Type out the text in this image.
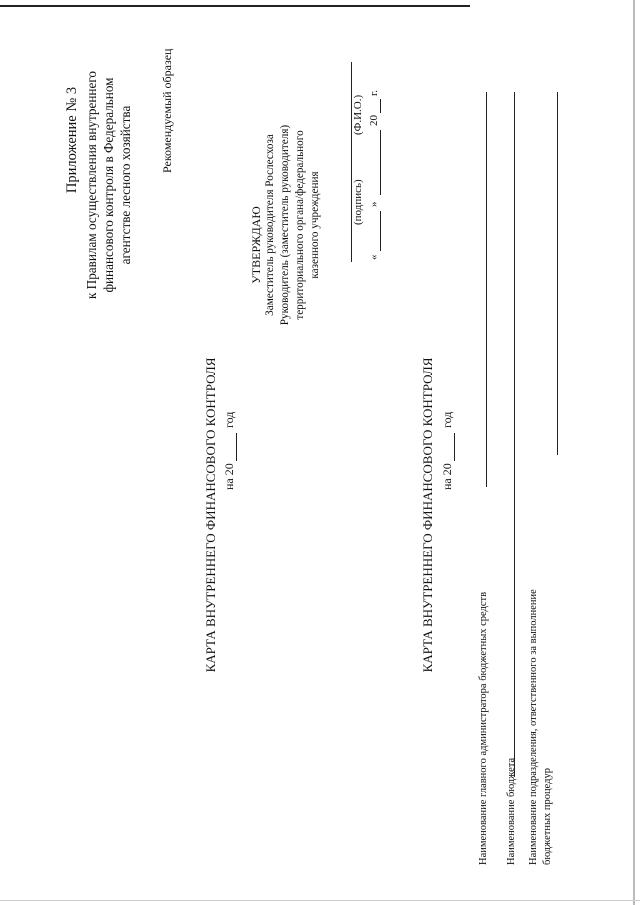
Приложение № 3 к Правилам осуществления внутреннего финансового контроля в Федеральном агентстве лесного хозяйства Рекомендуемый образец
УТВЕРЖДАЮ Заместитель руководителя Рослесхоза Руководитель (заместитель руководителя) территориального органа/федерального казенного учреждения	(подпись)
(Ф.И.О.)
«
»
20
г.
КАРТА ВНУТРЕННЕГО ФИНАНСОВОГО КОНТРОЛЯ на 20
год	КАРТА ВНУТРЕННЕГО ФИНАНСОВОГО КОНТРОЛЯ на 20
год
Наименование главного администратора бюджетных средств Наименование бюджета Наименование подразделения, ответственного за выполнение бюджетных процедур
